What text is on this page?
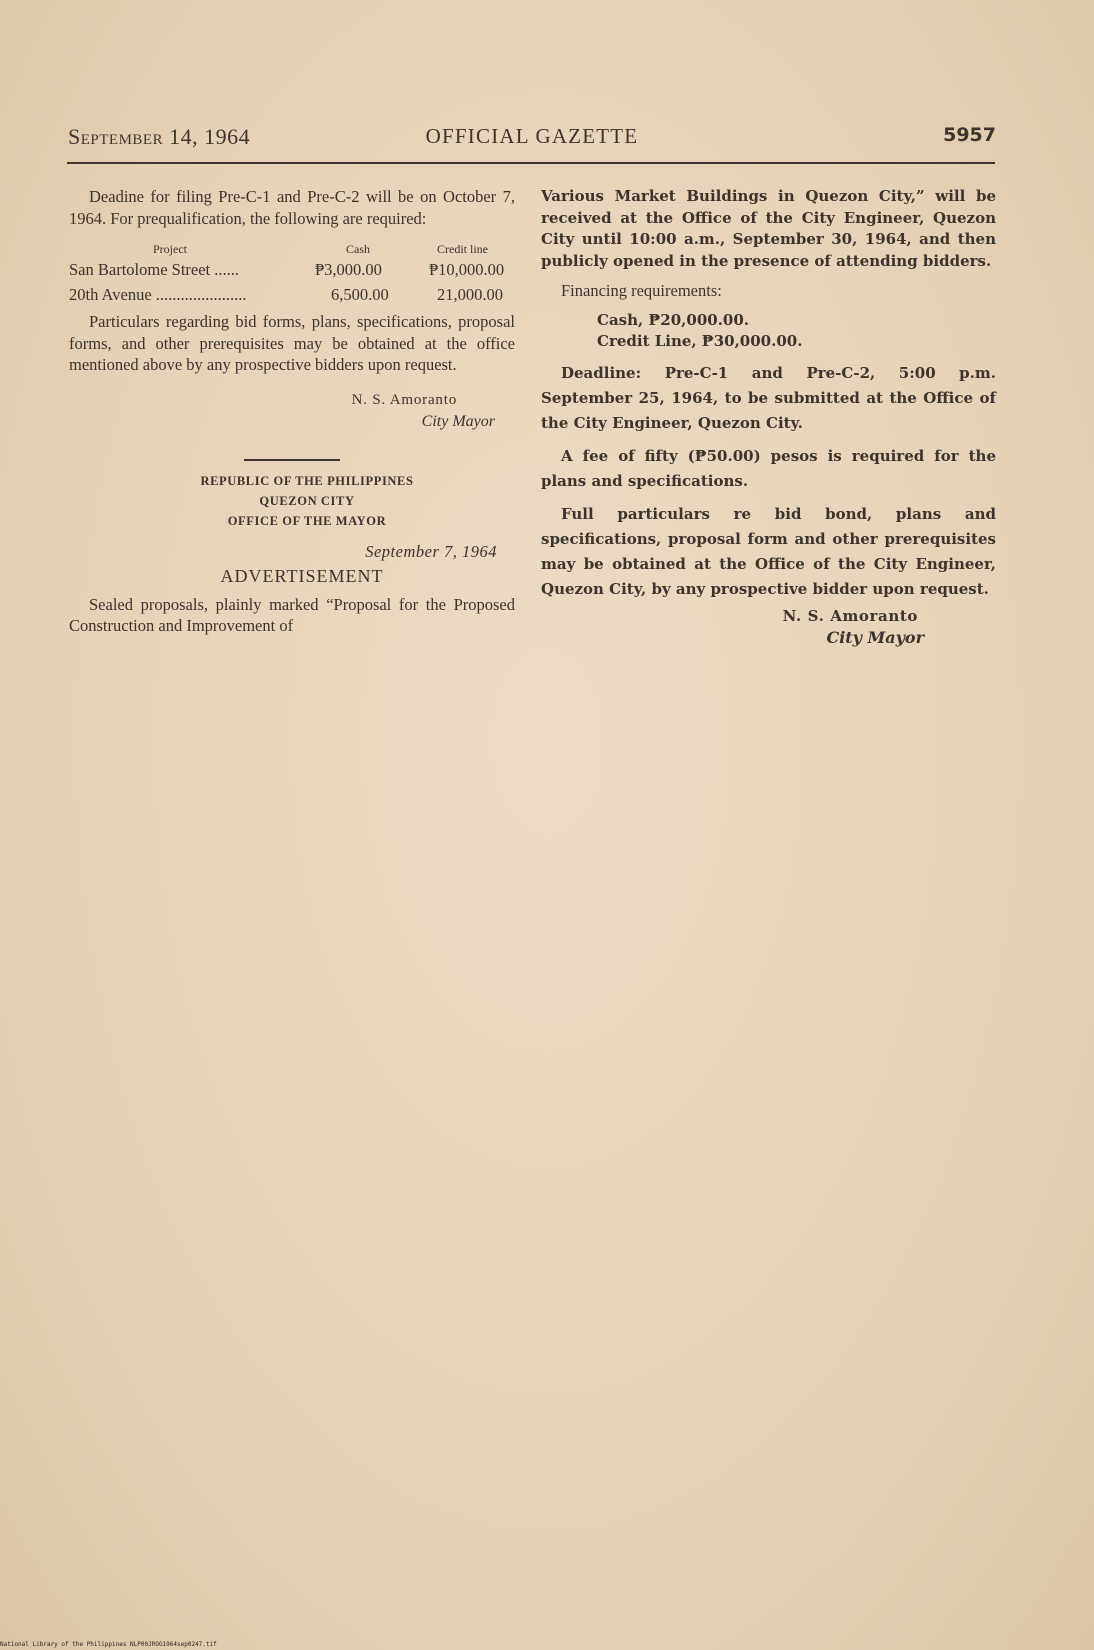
September 14, 1964	OFFICIAL GAZETTE	5957

Deadine for filing Pre-C-1 and Pre-C-2 will be on October 7, 1964. For prequalification, the following are required:

Project	Cash	Credit line
San Bartolome Street ......	₱3,000.00	₱10,000.00
20th Avenue ......................	6,500.00	21,000.00

Particulars regarding bid forms, plans, specifications, proposal forms, and other prerequisites may be obtained at the office mentioned above by any prospective bidders upon request.

N. S. Amoranto
City Mayor
REPUBLIC OF THE PHILIPPINES
QUEZON CITY
OFFICE OF THE MAYOR
September 7, 1964
ADVERTISEMENT

Sealed proposals, plainly marked “Proposal for the Proposed Construction and Improvement of

Various Market Buildings in Quezon City,” will be received at the Office of the City Engineer, Quezon City until 10:00 a.m., September 30, 1964, and then publicly opened in the presence of attending bidders.

Financing requirements:

Cash, ₱20,000.00.
Credit Line, ₱30,000.00.

Deadline: Pre-C-1 and Pre-C-2, 5:00 p.m. September 25, 1964, to be submitted at the Office of the City Engineer, Quezon City.

A fee of fifty (₱50.00) pesos is required for the plans and specifications.

Full particulars re bid bond, plans and specifications, proposal form and other prerequisites may be obtained at the Office of the City Engineer, Quezon City, by any prospective bidder upon request.

N. S. Amoranto
City Mayor
National Library of the Philippines NLP00JROG1964sep0247.tif
